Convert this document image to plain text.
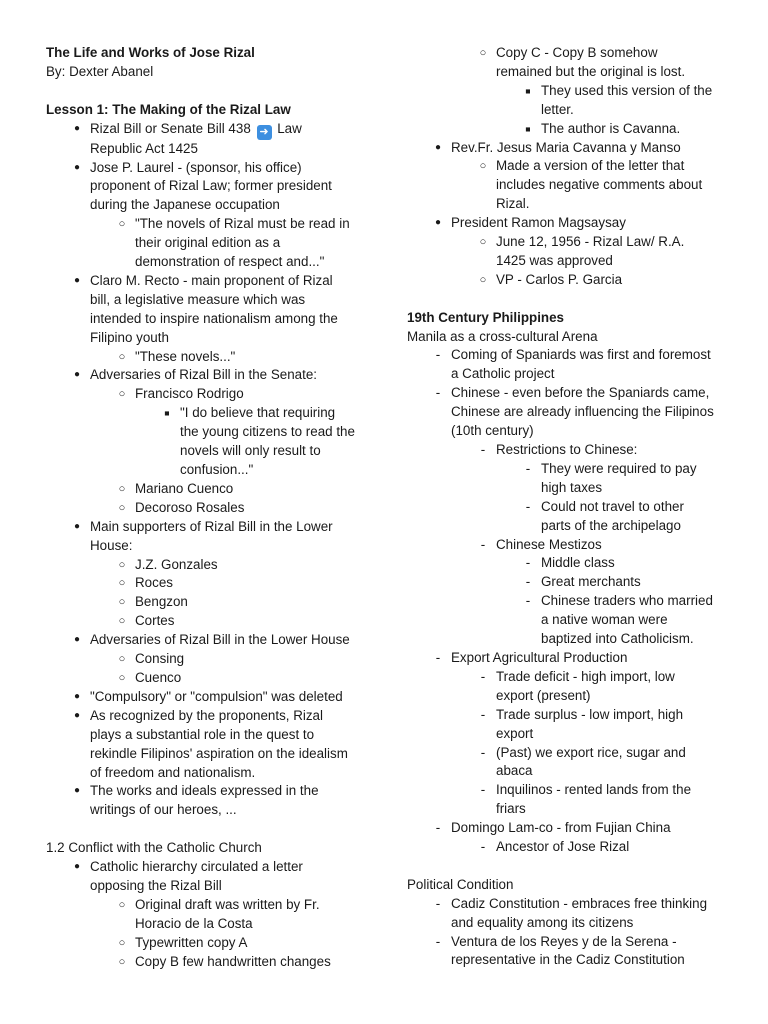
The Life and Works of Jose Rizal
By: Dexter Abanel
Lesson 1: The Making of the Rizal Law
● Rizal Bill or Senate Bill 438 ➜ Law
Republic Act 1425
● Jose P. Laurel - (sponsor, his office)
proponent of Rizal Law; former president
during the Japanese occupation
○ "The novels of Rizal must be read in
their original edition as a
demonstration of respect and..."
● Claro M. Recto - main proponent of Rizal
bill, a legislative measure which was
intended to inspire nationalism among the
Filipino youth
○ "These novels..."
● Adversaries of Rizal Bill in the Senate:
○ Francisco Rodrigo
■ "I do believe that requiring
the young citizens to read the
novels will only result to
confusion..."
○ Mariano Cuenco
○ Decoroso Rosales
● Main supporters of Rizal Bill in the Lower
House:
○ J.Z. Gonzales
○ Roces
○ Bengzon
○ Cortes
● Adversaries of Rizal Bill in the Lower House
○ Consing
○ Cuenco
● "Compulsory" or "compulsion" was deleted
● As recognized by the proponents, Rizal
plays a substantial role in the quest to
rekindle Filipinos' aspiration on the idealism
of freedom and nationalism.
● The works and ideals expressed in the
writings of our heroes, ...
1.2 Conflict with the Catholic Church
● Catholic hierarchy circulated a letter
opposing the Rizal Bill
○ Original draft was written by Fr.
Horacio de la Costa
○ Typewritten copy A
○ Copy B few handwritten changes
○ Copy C - Copy B somehow
remained but the original is lost.
■ They used this version of the
letter.
■ The author is Cavanna.
● Rev.Fr. Jesus Maria Cavanna y Manso
○ Made a version of the letter that
includes negative comments about
Rizal.
● President Ramon Magsaysay
○ June 12, 1956 - Rizal Law/ R.A.
1425 was approved
○ VP - Carlos P. Garcia
19th Century Philippines
Manila as a cross-cultural Arena
- Coming of Spaniards was first and foremost
a Catholic project
- Chinese - even before the Spaniards came,
Chinese are already influencing the Filipinos
(10th century)
- Restrictions to Chinese:
- They were required to pay
high taxes
- Could not travel to other
parts of the archipelago
- Chinese Mestizos
- Middle class
- Great merchants
- Chinese traders who married
a native woman were
baptized into Catholicism.
- Export Agricultural Production
- Trade deficit - high import, low
export (present)
- Trade surplus - low import, high
export
- (Past) we export rice, sugar and
abaca
- Inquilinos - rented lands from the
friars
- Domingo Lam-co - from Fujian China
- Ancestor of Jose Rizal
Political Condition
- Cadiz Constitution - embraces free thinking
and equality among its citizens
- Ventura de los Reyes y de la Serena -
representative in the Cadiz Constitution
